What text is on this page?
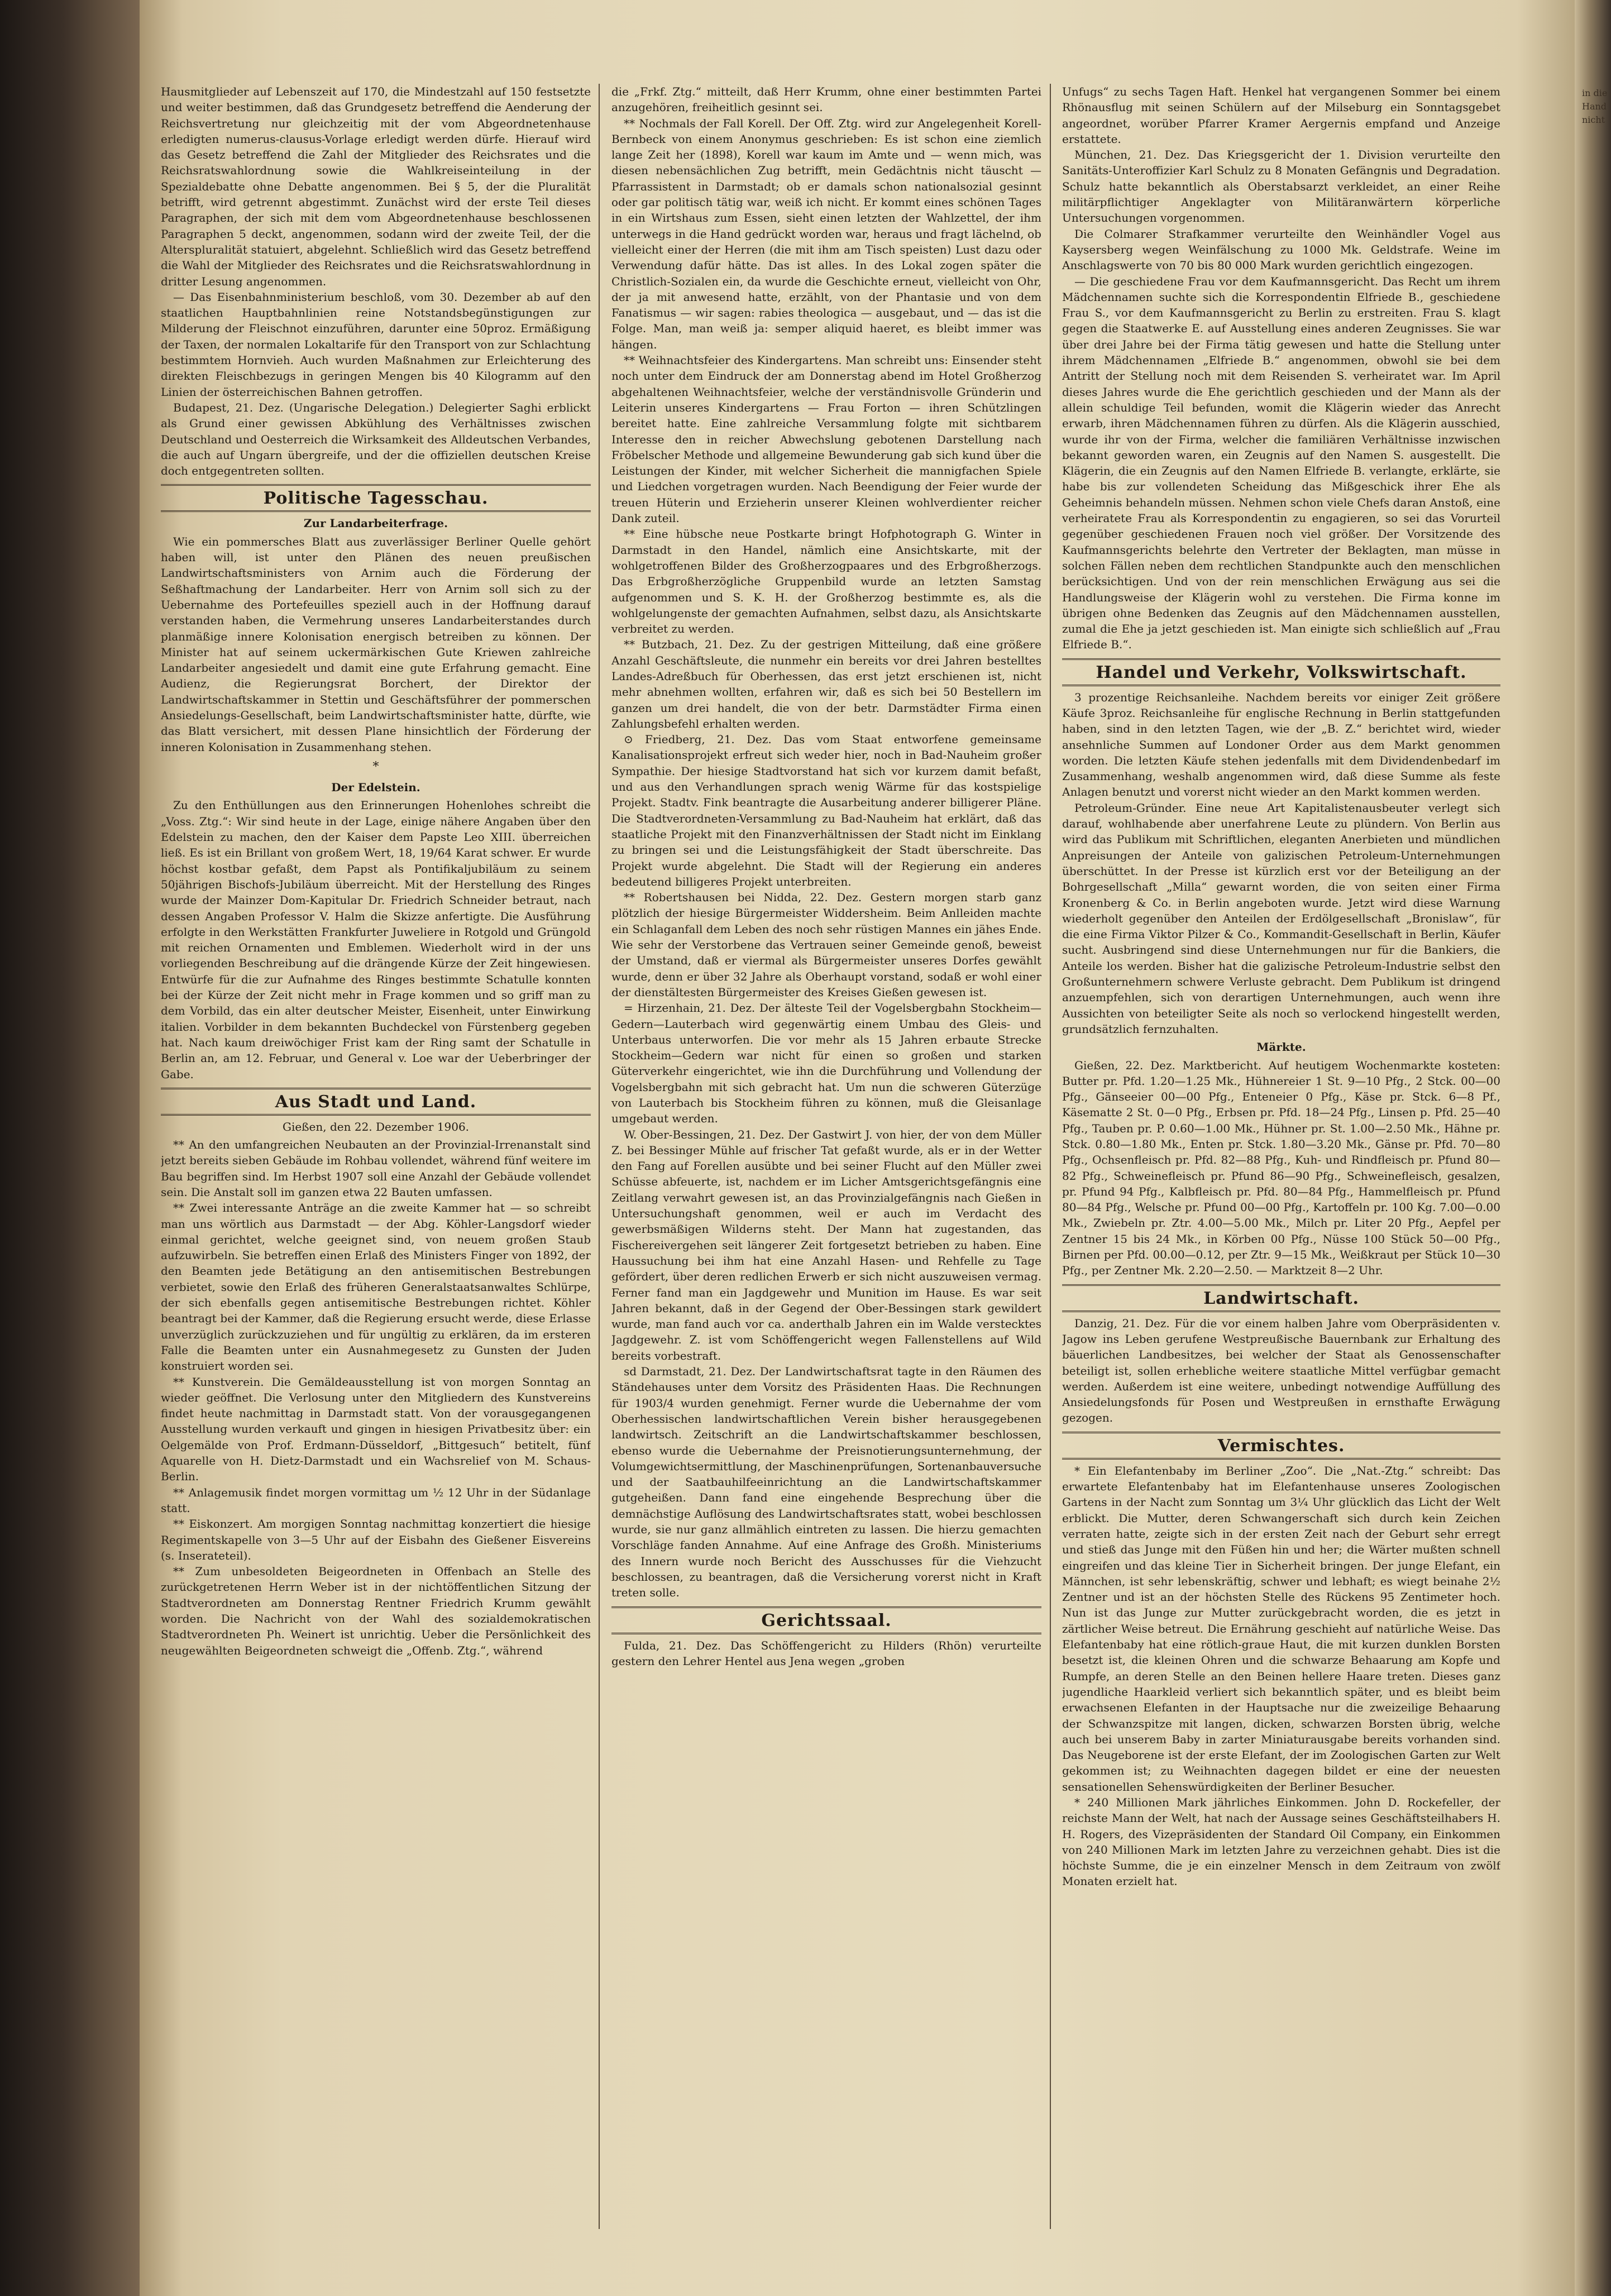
Hausmitglieder auf Lebenszeit auf 170, die Mindestzahl auf 150 festsetzte und weiter bestimmen, daß das Grundgesetz betreffend die Aenderung der Reichsvertretung nur gleichzeitig mit der vom Abgeordnetenhause erledigten numerus-clausus-Vorlage erledigt werden dürfe. Hierauf wird das Gesetz betreffend die Zahl der Mitglieder des Reichsrates und die Reichsratswahlordnung sowie die Wahlkreiseinteilung in der Spezialdebatte ohne Debatte angenommen. Bei § 5, der die Pluralität betrifft, wird getrennt abgestimmt. Zunächst wird der erste Teil dieses Paragraphen, der sich mit dem vom Abgeordnetenhause beschlossenen Paragraphen 5 deckt, angenommen, sodann wird der zweite Teil, der die Alterspluralität statuiert, abgelehnt. Schließlich wird das Gesetz betreffend die Wahl der Mitglieder des Reichsrates und die Reichsratswahlordnung in dritter Lesung angenommen.

— Das Eisenbahnministerium beschloß, vom 30. Dezember ab auf den staatlichen Hauptbahnlinien reine Notstandsbegünstigungen zur Milderung der Fleischnot einzuführen, darunter eine 50proz. Ermäßigung der Taxen, der normalen Lokaltarife für den Transport von zur Schlachtung bestimmtem Hornvieh. Auch wurden Maßnahmen zur Erleichterung des direkten Fleischbezugs in geringen Mengen bis 40 Kilogramm auf den Linien der österreichischen Bahnen getroffen.

Budapest, 21. Dez. (Ungarische Delegation.) Delegierter Saghi erblickt als Grund einer gewissen Abkühlung des Verhältnisses zwischen Deutschland und Oesterreich die Wirksamkeit des Alldeutschen Verbandes, die auch auf Ungarn übergreife, und der die offiziellen deutschen Kreise doch entgegentreten sollten.

Politische Tagesschau.
Zur Landarbeiterfrage.

Wie ein pommersches Blatt aus zuverlässiger Berliner Quelle gehört haben will, ist unter den Plänen des neuen preußischen Landwirtschaftsministers von Arnim auch die Förderung der Seßhaftmachung der Landarbeiter. Herr von Arnim soll sich zu der Uebernahme des Portefeuilles speziell auch in der Hoffnung darauf verstanden haben, die Vermehrung unseres Landarbeiterstandes durch planmäßige innere Kolonisation energisch betreiben zu können. Der Minister hat auf seinem uckermärkischen Gute Kriewen zahlreiche Landarbeiter angesiedelt und damit eine gute Erfahrung gemacht. Eine Audienz, die Regierungsrat Borchert, der Direktor der Landwirtschaftskammer in Stettin und Geschäftsführer der pommerschen Ansiedelungs-Gesellschaft, beim Landwirtschaftsminister hatte, dürfte, wie das Blatt versichert, mit dessen Plane hinsichtlich der Förderung der inneren Kolonisation in Zusammenhang stehen.

*
Der Edelstein.

Zu den Enthüllungen aus den Erinnerungen Hohenlohes schreibt die „Voss. Ztg.“: Wir sind heute in der Lage, einige nähere Angaben über den Edelstein zu machen, den der Kaiser dem Papste Leo XIII. überreichen ließ. Es ist ein Brillant von großem Wert, 18, 19/64 Karat schwer. Er wurde höchst kostbar gefaßt, dem Papst als Pontifikaljubiläum zu seinem 50jährigen Bischofs-Jubiläum überreicht. Mit der Herstellung des Ringes wurde der Mainzer Dom-Kapitular Dr. Friedrich Schneider betraut, nach dessen Angaben Professor V. Halm die Skizze anfertigte. Die Ausführung erfolgte in den Werkstätten Frankfurter Juweliere in Rotgold und Grüngold mit reichen Ornamenten und Emblemen. Wiederholt wird in der uns vorliegenden Beschreibung auf die drängende Kürze der Zeit hingewiesen. Entwürfe für die zur Aufnahme des Ringes bestimmte Schatulle konnten bei der Kürze der Zeit nicht mehr in Frage kommen und so griff man zu dem Vorbild, das ein alter deutscher Meister, Eisenheit, unter Einwirkung italien. Vorbilder in dem bekannten Buchdeckel von Fürstenberg gegeben hat. Nach kaum dreiwöchiger Frist kam der Ring samt der Schatulle in Berlin an, am 12. Februar, und General v. Loe war der Ueberbringer der Gabe.

Aus Stadt und Land.
Gießen, den 22. Dezember 1906.

** An den umfangreichen Neubauten an der Provinzial-Irrenanstalt sind jetzt bereits sieben Gebäude im Rohbau vollendet, während fünf weitere im Bau begriffen sind. Im Herbst 1907 soll eine Anzahl der Gebäude vollendet sein. Die Anstalt soll im ganzen etwa 22 Bauten umfassen.

** Zwei interessante Anträge an die zweite Kammer hat — so schreibt man uns wörtlich aus Darmstadt — der Abg. Köhler-Langsdorf wieder einmal gerichtet, welche geeignet sind, von neuem großen Staub aufzuwirbeln. Sie betreffen einen Erlaß des Ministers Finger von 1892, der den Beamten jede Betätigung an den antisemitischen Bestrebungen verbietet, sowie den Erlaß des früheren Generalstaatsanwaltes Schlürpe, der sich ebenfalls gegen antisemitische Bestrebungen richtet. Köhler beantragt bei der Kammer, daß die Regierung ersucht werde, diese Erlasse unverzüglich zurückzuziehen und für ungültig zu erklären, da im ersteren Falle die Beamten unter ein Ausnahmegesetz zu Gunsten der Juden konstruiert worden sei.

** Kunstverein. Die Gemäldeausstellung ist von morgen Sonntag an wieder geöffnet. Die Verlosung unter den Mitgliedern des Kunstvereins findet heute nachmittag in Darmstadt statt. Von der vorausgegangenen Ausstellung wurden verkauft und gingen in hiesigen Privatbesitz über: ein Oelgemälde von Prof. Erdmann-Düsseldorf, „Bittgesuch“ betitelt, fünf Aquarelle von H. Dietz-Darmstadt und ein Wachsrelief von M. Schaus-Berlin.

** Anlagemusik findet morgen vormittag um ½ 12 Uhr in der Südanlage statt.

** Eiskonzert. Am morgigen Sonntag nachmittag konzertiert die hiesige Regimentskapelle von 3—5 Uhr auf der Eisbahn des Gießener Eisvereins (s. Inserateteil).

** Zum unbesoldeten Beigeordneten in Offenbach an Stelle des zurückgetretenen Herrn Weber ist in der nichtöffentlichen Sitzung der Stadtverordneten am Donnerstag Rentner Friedrich Krumm gewählt worden. Die Nachricht von der Wahl des sozialdemokratischen Stadtverordneten Ph. Weinert ist unrichtig. Ueber die Persönlichkeit des neugewählten Beigeordneten schweigt die „Offenb. Ztg.“, während

die „Frkf. Ztg.“ mitteilt, daß Herr Krumm, ohne einer bestimmten Partei anzugehören, freiheitlich gesinnt sei.

** Nochmals der Fall Korell. Der Off. Ztg. wird zur Angelegenheit Korell-Bernbeck von einem Anonymus geschrieben: Es ist schon eine ziemlich lange Zeit her (1898), Korell war kaum im Amte und — wenn mich, was diesen nebensächlichen Zug betrifft, mein Gedächtnis nicht täuscht — Pfarrassistent in Darmstadt; ob er damals schon nationalsozial gesinnt oder gar politisch tätig war, weiß ich nicht. Er kommt eines schönen Tages in ein Wirtshaus zum Essen, sieht einen letzten der Wahlzettel, der ihm unterwegs in die Hand gedrückt worden war, heraus und fragt lächelnd, ob vielleicht einer der Herren (die mit ihm am Tisch speisten) Lust dazu oder Verwendung dafür hätte. Das ist alles. In des Lokal zogen später die Christlich-Sozialen ein, da wurde die Geschichte erneut, vielleicht von Ohr, der ja mit anwesend hatte, erzählt, von der Phantasie und von dem Fanatismus — wir sagen: rabies theologica — ausgebaut, und — das ist die Folge. Man, man weiß ja: semper aliquid haeret, es bleibt immer was hängen.

** Weihnachtsfeier des Kindergartens. Man schreibt uns: Einsender steht noch unter dem Eindruck der am Donnerstag abend im Hotel Großherzog abgehaltenen Weihnachtsfeier, welche der verständnisvolle Gründerin und Leiterin unseres Kindergartens — Frau Forton — ihren Schützlingen bereitet hatte. Eine zahlreiche Versammlung folgte mit sichtbarem Interesse den in reicher Abwechslung gebotenen Darstellung nach Fröbelscher Methode und allgemeine Bewunderung gab sich kund über die Leistungen der Kinder, mit welcher Sicherheit die mannigfachen Spiele und Liedchen vorgetragen wurden. Nach Beendigung der Feier wurde der treuen Hüterin und Erzieherin unserer Kleinen wohlverdienter reicher Dank zuteil.

** Eine hübsche neue Postkarte bringt Hofphotograph G. Winter in Darmstadt in den Handel, nämlich eine Ansichtskarte, mit der wohlgetroffenen Bilder des Großherzogpaares und des Erbgroßherzogs. Das Erbgroßherzögliche Gruppenbild wurde an letzten Samstag aufgenommen und S. K. H. der Großherzog bestimmte es, als die wohlgelungenste der gemachten Aufnahmen, selbst dazu, als Ansichtskarte verbreitet zu werden.

** Butzbach, 21. Dez. Zu der gestrigen Mitteilung, daß eine größere Anzahl Geschäftsleute, die nunmehr ein bereits vor drei Jahren bestelltes Landes-Adreßbuch für Oberhessen, das erst jetzt erschienen ist, nicht mehr abnehmen wollten, erfahren wir, daß es sich bei 50 Bestellern im ganzen um drei handelt, die von der betr. Darmstädter Firma einen Zahlungsbefehl erhalten werden.

⊙ Friedberg, 21. Dez. Das vom Staat entworfene gemeinsame Kanalisationsprojekt erfreut sich weder hier, noch in Bad-Nauheim großer Sympathie. Der hiesige Stadtvorstand hat sich vor kurzem damit befaßt, und aus den Verhandlungen sprach wenig Wärme für das kostspielige Projekt. Stadtv. Fink beantragte die Ausarbeitung anderer billigerer Pläne. Die Stadtverordneten-Versammlung zu Bad-Nauheim hat erklärt, daß das staatliche Projekt mit den Finanzverhältnissen der Stadt nicht im Einklang zu bringen sei und die Leistungsfähigkeit der Stadt überschreite. Das Projekt wurde abgelehnt. Die Stadt will der Regierung ein anderes bedeutend billigeres Projekt unterbreiten.

** Robertshausen bei Nidda, 22. Dez. Gestern morgen starb ganz plötzlich der hiesige Bürgermeister Widdersheim. Beim Anlleiden machte ein Schlaganfall dem Leben des noch sehr rüstigen Mannes ein jähes Ende. Wie sehr der Verstorbene das Vertrauen seiner Gemeinde genoß, beweist der Umstand, daß er viermal als Bürgermeister unseres Dorfes gewählt wurde, denn er über 32 Jahre als Oberhaupt vorstand, sodaß er wohl einer der dienstältesten Bürgermeister des Kreises Gießen gewesen ist.

= Hirzenhain, 21. Dez. Der älteste Teil der Vogelsbergbahn Stockheim—Gedern—Lauterbach wird gegenwärtig einem Umbau des Gleis- und Unterbaus unterworfen. Die vor mehr als 15 Jahren erbaute Strecke Stockheim—Gedern war nicht für einen so großen und starken Güterverkehr eingerichtet, wie ihn die Durchführung und Vollendung der Vogelsbergbahn mit sich gebracht hat. Um nun die schweren Güterzüge von Lauterbach bis Stockheim führen zu können, muß die Gleisanlage umgebaut werden.

W. Ober-Bessingen, 21. Dez. Der Gastwirt J. von hier, der von dem Müller Z. bei Bessinger Mühle auf frischer Tat gefaßt wurde, als er in der Wetter den Fang auf Forellen ausübte und bei seiner Flucht auf den Müller zwei Schüsse abfeuerte, ist, nachdem er im Licher Amtsgerichtsgefängnis eine Zeitlang verwahrt gewesen ist, an das Provinzialgefängnis nach Gießen in Untersuchungshaft genommen, weil er auch im Verdacht des gewerbsmäßigen Wilderns steht. Der Mann hat zugestanden, das Fischereivergehen seit längerer Zeit fortgesetzt betrieben zu haben. Eine Haussuchung bei ihm hat eine Anzahl Hasen- und Rehfelle zu Tage gefördert, über deren redlichen Erwerb er sich nicht auszuweisen vermag. Ferner fand man ein Jagdgewehr und Munition im Hause. Es war seit Jahren bekannt, daß in der Gegend der Ober-Bessingen stark gewildert wurde, man fand auch vor ca. anderthalb Jahren ein im Walde verstecktes Jagdgewehr. Z. ist vom Schöffengericht wegen Fallenstellens auf Wild bereits vorbestraft.

sd Darmstadt, 21. Dez. Der Landwirtschaftsrat tagte in den Räumen des Ständehauses unter dem Vorsitz des Präsidenten Haas. Die Rechnungen für 1903/4 wurden genehmigt. Ferner wurde die Uebernahme der vom Oberhessischen landwirtschaftlichen Verein bisher herausgegebenen landwirtsch. Zeitschrift an die Landwirtschaftskammer beschlossen, ebenso wurde die Uebernahme der Preisnotierungsunternehmung, der Volumgewichtsermittlung, der Maschinenprüfungen, Sortenanbauversuche und der Saatbauhilfeeinrichtung an die Landwirtschaftskammer gutgeheißen. Dann fand eine eingehende Besprechung über die demnächstige Auflösung des Landwirtschaftsrates statt, wobei beschlossen wurde, sie nur ganz allmählich eintreten zu lassen. Die hierzu gemachten Vorschläge fanden Annahme. Auf eine Anfrage des Großh. Ministeriums des Innern wurde noch Bericht des Ausschusses für die Viehzucht beschlossen, zu beantragen, daß die Versicherung vorerst nicht in Kraft treten solle.

Gerichtssaal.

Fulda, 21. Dez. Das Schöffengericht zu Hilders (Rhön) verurteilte gestern den Lehrer Hentel aus Jena wegen „groben

Unfugs“ zu sechs Tagen Haft. Henkel hat vergangenen Sommer bei einem Rhönausflug mit seinen Schülern auf der Milseburg ein Sonntagsgebet angeordnet, worüber Pfarrer Kramer Aergernis empfand und Anzeige erstattete.

München, 21. Dez. Das Kriegsgericht der 1. Division verurteilte den Sanitäts-Unteroffizier Karl Schulz zu 8 Monaten Gefängnis und Degradation. Schulz hatte bekanntlich als Oberstabsarzt verkleidet, an einer Reihe militärpflichtiger Angeklagter von Militäranwärtern körperliche Untersuchungen vorgenommen.

Die Colmarer Strafkammer verurteilte den Weinhändler Vogel aus Kaysersberg wegen Weinfälschung zu 1000 Mk. Geldstrafe. Weine im Anschlagswerte von 70 bis 80 000 Mark wurden gerichtlich eingezogen.

— Die geschiedene Frau vor dem Kaufmannsgericht. Das Recht um ihrem Mädchennamen suchte sich die Korrespondentin Elfriede B., geschiedene Frau S., vor dem Kaufmannsgericht zu Berlin zu erstreiten. Frau S. klagt gegen die Staatwerke E. auf Ausstellung eines anderen Zeugnisses. Sie war über drei Jahre bei der Firma tätig gewesen und hatte die Stellung unter ihrem Mädchennamen „Elfriede B.“ angenommen, obwohl sie bei dem Antritt der Stellung noch mit dem Reisenden S. verheiratet war. Im April dieses Jahres wurde die Ehe gerichtlich geschieden und der Mann als der allein schuldige Teil befunden, womit die Klägerin wieder das Anrecht erwarb, ihren Mädchennamen führen zu dürfen. Als die Klägerin ausschied, wurde ihr von der Firma, welcher die familiären Verhältnisse inzwischen bekannt geworden waren, ein Zeugnis auf den Namen S. ausgestellt. Die Klägerin, die ein Zeugnis auf den Namen Elfriede B. verlangte, erklärte, sie habe bis zur vollendeten Scheidung das Mißgeschick ihrer Ehe als Geheimnis behandeln müssen. Nehmen schon viele Chefs daran Anstoß, eine verheiratete Frau als Korrespondentin zu engagieren, so sei das Vorurteil gegenüber geschiedenen Frauen noch viel größer. Der Vorsitzende des Kaufmannsgerichts belehrte den Vertreter der Beklagten, man müsse in solchen Fällen neben dem rechtlichen Standpunkte auch den menschlichen berücksichtigen. Und von der rein menschlichen Erwägung aus sei die Handlungsweise der Klägerin wohl zu verstehen. Die Firma konne im übrigen ohne Bedenken das Zeugnis auf den Mädchennamen ausstellen, zumal die Ehe ja jetzt geschieden ist. Man einigte sich schließlich auf „Frau Elfriede B.“.

Handel und Verkehr, Volkswirtschaft.

3 prozentige Reichsanleihe. Nachdem bereits vor einiger Zeit größere Käufe 3proz. Reichsanleihe für englische Rechnung in Berlin stattgefunden haben, sind in den letzten Tagen, wie der „B. Z.“ berichtet wird, wieder ansehnliche Summen auf Londoner Order aus dem Markt genommen worden. Die letzten Käufe stehen jedenfalls mit dem Dividendenbedarf im Zusammenhang, weshalb angenommen wird, daß diese Summe als feste Anlagen benutzt und vorerst nicht wieder an den Markt kommen werden.

Petroleum-Gründer. Eine neue Art Kapitalistenausbeuter verlegt sich darauf, wohlhabende aber unerfahrene Leute zu plündern. Von Berlin aus wird das Publikum mit Schriftlichen, eleganten Anerbieten und mündlichen Anpreisungen der Anteile von galizischen Petroleum-Unternehmungen überschüttet. In der Presse ist kürzlich erst vor der Beteiligung an der Bohrgesellschaft „Milla“ gewarnt worden, die von seiten einer Firma Kronenberg & Co. in Berlin angeboten wurde. Jetzt wird diese Warnung wiederholt gegenüber den Anteilen der Erdölgesellschaft „Bronislaw“, für die eine Firma Viktor Pilzer & Co., Kommandit-Gesellschaft in Berlin, Käufer sucht. Ausbringend sind diese Unternehmungen nur für die Bankiers, die Anteile los werden. Bisher hat die galizische Petroleum-Industrie selbst den Großunternehmern schwere Verluste gebracht. Dem Publikum ist dringend anzuempfehlen, sich von derartigen Unternehmungen, auch wenn ihre Aussichten von beteiligter Seite als noch so verlockend hingestellt werden, grundsätzlich fernzuhalten.

Märkte.

Gießen, 22. Dez. Marktbericht. Auf heutigem Wochenmarkte kosteten: Butter pr. Pfd. 1.20—1.25 Mk., Hühnereier 1 St. 9—10 Pfg., 2 Stck. 00—00 Pfg., Gänseeier 00—00 Pfg., Enteneier 0 Pfg., Käse pr. Stck. 6—8 Pf., Käsematte 2 St. 0—0 Pfg., Erbsen pr. Pfd. 18—24 Pfg., Linsen p. Pfd. 25—40 Pfg., Tauben pr. P. 0.60—1.00 Mk., Hühner pr. St. 1.00—2.50 Mk., Hähne pr. Stck. 0.80—1.80 Mk., Enten pr. Stck. 1.80—3.20 Mk., Gänse pr. Pfd. 70—80 Pfg., Ochsenfleisch pr. Pfd. 82—88 Pfg., Kuh- und Rindfleisch pr. Pfund 80—82 Pfg., Schweinefleisch pr. Pfund 86—90 Pfg., Schweinefleisch, gesalzen, pr. Pfund 94 Pfg., Kalbfleisch pr. Pfd. 80—84 Pfg., Hammelfleisch pr. Pfund 80—84 Pfg., Welsche pr. Pfund 00—00 Pfg., Kartoffeln pr. 100 Kg. 7.00—0.00 Mk., Zwiebeln pr. Ztr. 4.00—5.00 Mk., Milch pr. Liter 20 Pfg., Aepfel per Zentner 15 bis 24 Mk., in Körben 00 Pfg., Nüsse 100 Stück 50—00 Pfg., Birnen per Pfd. 00.00—0.12, per Ztr. 9—15 Mk., Weißkraut per Stück 10—30 Pfg., per Zentner Mk. 2.20—2.50. — Marktzeit 8—2 Uhr.

Landwirtschaft.

Danzig, 21. Dez. Für die vor einem halben Jahre vom Oberpräsidenten v. Jagow ins Leben gerufene Westpreußische Bauernbank zur Erhaltung des bäuerlichen Landbesitzes, bei welcher der Staat als Genossenschafter beteiligt ist, sollen erhebliche weitere staatliche Mittel verfügbar gemacht werden. Außerdem ist eine weitere, unbedingt notwendige Auffüllung des Ansiedelungsfonds für Posen und Westpreußen in ernsthafte Erwägung gezogen.

Vermischtes.

* Ein Elefantenbaby im Berliner „Zoo“. Die „Nat.-Ztg.“ schreibt: Das erwartete Elefantenbaby hat im Elefantenhause unseres Zoologischen Gartens in der Nacht zum Sonntag um 3¼ Uhr glücklich das Licht der Welt erblickt. Die Mutter, deren Schwangerschaft sich durch kein Zeichen verraten hatte, zeigte sich in der ersten Zeit nach der Geburt sehr erregt und stieß das Junge mit den Füßen hin und her; die Wärter mußten schnell eingreifen und das kleine Tier in Sicherheit bringen. Der junge Elefant, ein Männchen, ist sehr lebenskräftig, schwer und lebhaft; es wiegt beinahe 2½ Zentner und ist an der höchsten Stelle des Rückens 95 Zentimeter hoch. Nun ist das Junge zur Mutter zurückgebracht worden, die es jetzt in zärtlicher Weise betreut. Die Ernährung geschieht auf natürliche Weise. Das Elefantenbaby hat eine rötlich-graue Haut, die mit kurzen dunklen Borsten besetzt ist, die kleinen Ohren und die schwarze Behaarung am Kopfe und Rumpfe, an deren Stelle an den Beinen hellere Haare treten. Dieses ganz jugendliche Haarkleid verliert sich bekanntlich später, und es bleibt beim erwachsenen Elefanten in der Hauptsache nur die zweizeilige Behaarung der Schwanzspitze mit langen, dicken, schwarzen Borsten übrig, welche auch bei unserem Baby in zarter Miniaturausgabe bereits vorhanden sind. Das Neugeborene ist der erste Elefant, der im Zoologischen Garten zur Welt gekommen ist; zu Weihnachten dagegen bildet er eine der neuesten sensationellen Sehenswürdigkeiten der Berliner Besucher.

* 240 Millionen Mark jährliches Einkommen. John D. Rockefeller, der reichste Mann der Welt, hat nach der Aussage seines Geschäftsteilhabers H. H. Rogers, des Vizepräsidenten der Standard Oil Company, ein Einkommen von 240 Millionen Mark im letzten Jahre zu verzeichnen gehabt. Dies ist die höchste Summe, die je ein einzelner Mensch in dem Zeitraum von zwölf Monaten erzielt hat.

in die Hand nicht
